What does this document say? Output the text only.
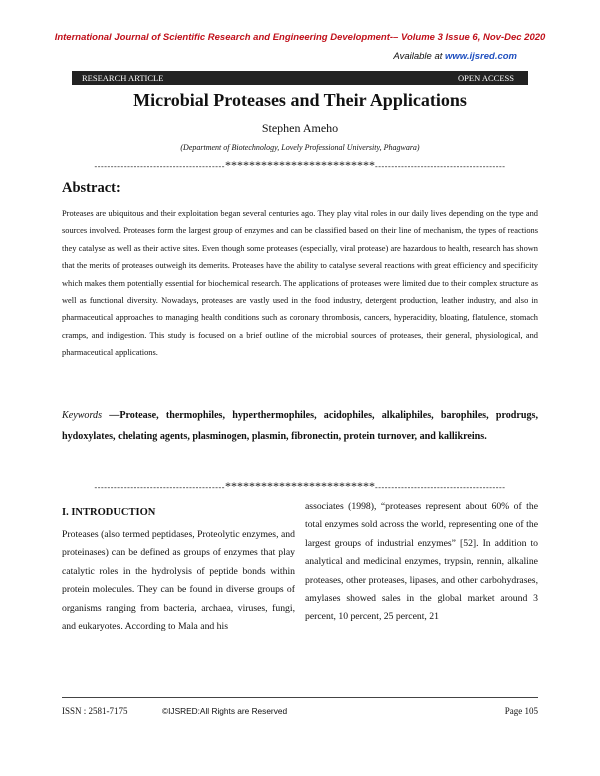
International Journal of Scientific Research and Engineering Development-– Volume 3 Issue 6, Nov-Dec 2020
Available at www.ijsred.com
RESEARCH ARTICLE	OPEN ACCESS
Microbial Proteases and Their Applications
Stephen Ameho
(Department of Biotechnology, Lovely Professional University, Phagwara)
----------------------------------------*************************----------------------------------------
Abstract:
Proteases are ubiquitous and their exploitation began several centuries ago. They play vital roles in our daily lives depending on the type and sources involved. Proteases form the largest group of enzymes and can be classified based on their line of mechanism, the types of reactions they catalyse as well as their active sites. Even though some proteases (especially, viral protease) are hazardous to health, research has shown that the merits of proteases outweigh its demerits. Proteases have the ability to catalyse several reactions with great efficiency and specificity which makes them potentially essential for biochemical research. The applications of proteases were limited due to their complex structure as well as functional diversity. Nowadays, proteases are vastly used in the food industry, detergent production, leather industry, and also in pharmaceutical approaches to managing health conditions such as coronary thrombosis, cancers, hyperacidity, bloating, flatulence, stomach cramps, and indigestion. This study is focused on a brief outline of the microbial sources of proteases, their general, physiological, and pharmaceutical applications.
Keywords —Protease, thermophiles, hyperthermophiles, acidophiles, alkaliphiles, barophiles, prodrugs, hydoxylates, chelating agents, plasminogen, plasmin, fibronectin, protein turnover, and kallikreins.
----------------------------------------*************************----------------------------------------
I. INTRODUCTION
Proteases (also termed peptidases, Proteolytic enzymes, and proteinases) can be defined as groups of enzymes that play catalytic roles in the hydrolysis of peptide bonds within protein molecules. They can be found in diverse groups of organisms ranging from bacteria, archaea, viruses, fungi, and eukaryotes. According to Mala and his
associates (1998), “proteases represent about 60% of the total enzymes sold across the world, representing one of the largest groups of industrial enzymes” [52]. In addition to analytical and medicinal enzymes, trypsin, rennin, alkaline proteases, other proteases, lipases, and other carbohydrases, amylases showed sales in the global market around 3 percent, 10 percent, 25 percent, 21
ISSN : 2581-7175	©IJSRED:All Rights are Reserved	Page 105
